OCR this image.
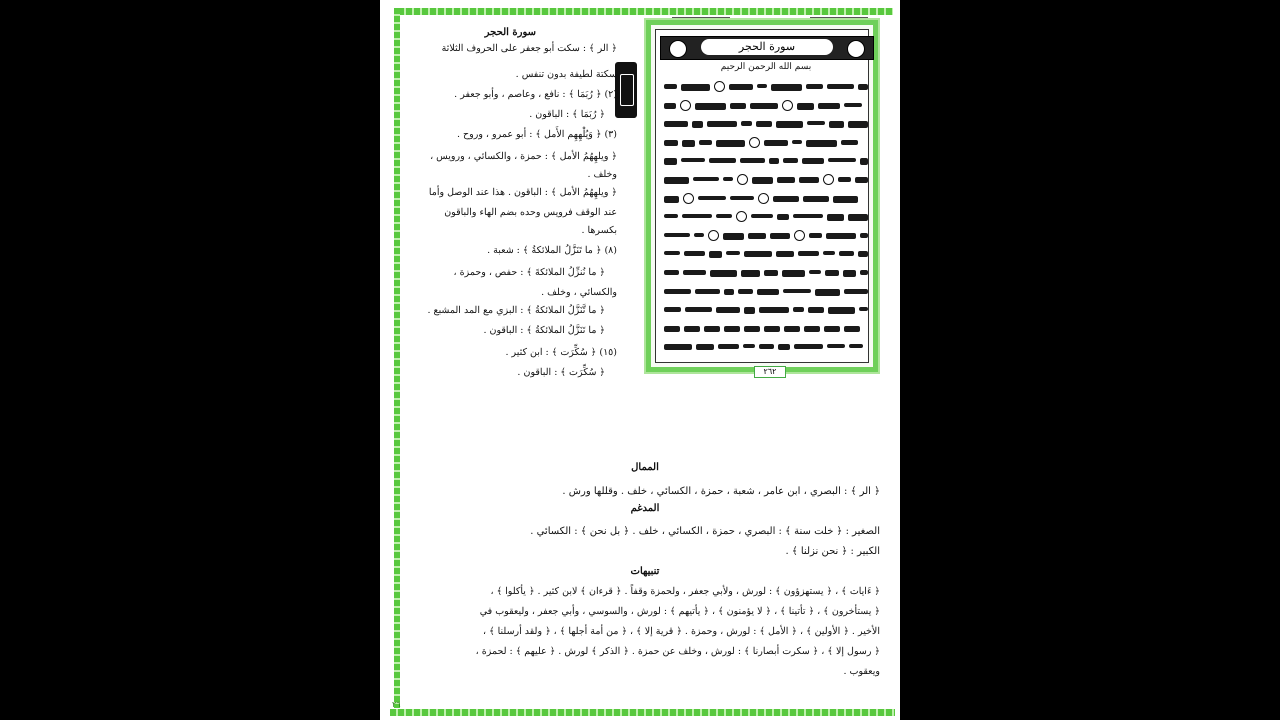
سورة الحجر
بسم الله الرحمن الرحيم
٢٦٢
سورة الحجر
﴿ الر ﴾ : سكت أبو جعفر على الحروف الثلاثة
سكتة لطيفة بدون تنفس .
(٢) ﴿ رُبَمَا ﴾ : نافع ، وعاصم ، وأبو جعفر .
﴿ رُبَمَا ﴾ : الباقون .
(٣) ﴿ وَيُلْهِهِم الأَمل ﴾ : أبو عمرو ، وروح .
﴿ ويلهِهُمُ الأمل ﴾ : حمزة ، والكسائي ، ورويس ،
وخلف .
﴿ ويلهِهُمُ الأمل ﴾ : الباقون . هذا عند الوصل وأما
عند الوقف فرويس وحده بضم الهاء والباقون
بكسرها .
(٨) ﴿ ما تَنَزَّلُ الملائكةُ ﴾ : شعبة .
﴿ ما نُنزِّلُ الملائكةَ ﴾ : حفص ، وحمزة ،
والكسائي ، وخلف .
﴿ ما تَّنَزَّلُ الملائكةُ ﴾ : البزي مع المد المشبع .
﴿ ما تَنَزَّلُ الملائكةُ ﴾ : الباقون .
(١٥) ﴿ سُكِّرَت ﴾ : ابن كثير .
﴿ سُكِّرَت ﴾ : الباقون .
الممال
﴿ الر ﴾ : البصري ، ابن عامر ، شعبة ، حمزة ، الكسائي ، خلف . وقللها ورش .
المدغم
الصغير : ﴿ خلت سنة ﴾ : البصري ، حمزة ، الكسائي ، خلف . ﴿ بل نحن ﴾ : الكسائي .
الكبير : ﴿ نحن نزلنا ﴾ .
تنبيهات
﴿ ءَايات ﴾ ، ﴿ يستهزؤون ﴾ : لورش ، ولأبي جعفر ، ولحمزة وقفاً . ﴿ قرءان ﴾ لابن كثير . ﴿ يأكلوا ﴾ ،
﴿ يستأخرون ﴾ ، ﴿ تأتينا ﴾ ، ﴿ لا يؤمنون ﴾ ، ﴿ يأتيهم ﴾ : لورش ، والسوسي ، وأبي جعفر ، وليعقوب في
الأخير . ﴿ الأولين ﴾ ، ﴿ الأمل ﴾ : لورش ، وحمزة . ﴿ قرية إلا ﴾ ، ﴿ من أمة أجلها ﴾ ، ﴿ ولقد أرسلنا ﴾ ،
﴿ رسول إلا ﴾ ، ﴿ سكرت أبصارنا ﴾ : لورش ، وخلف عن حمزة . ﴿ الذكر ﴾ لورش . ﴿ عليهم ﴾ : لحمزة ،
ويعقوب .
٢٦
